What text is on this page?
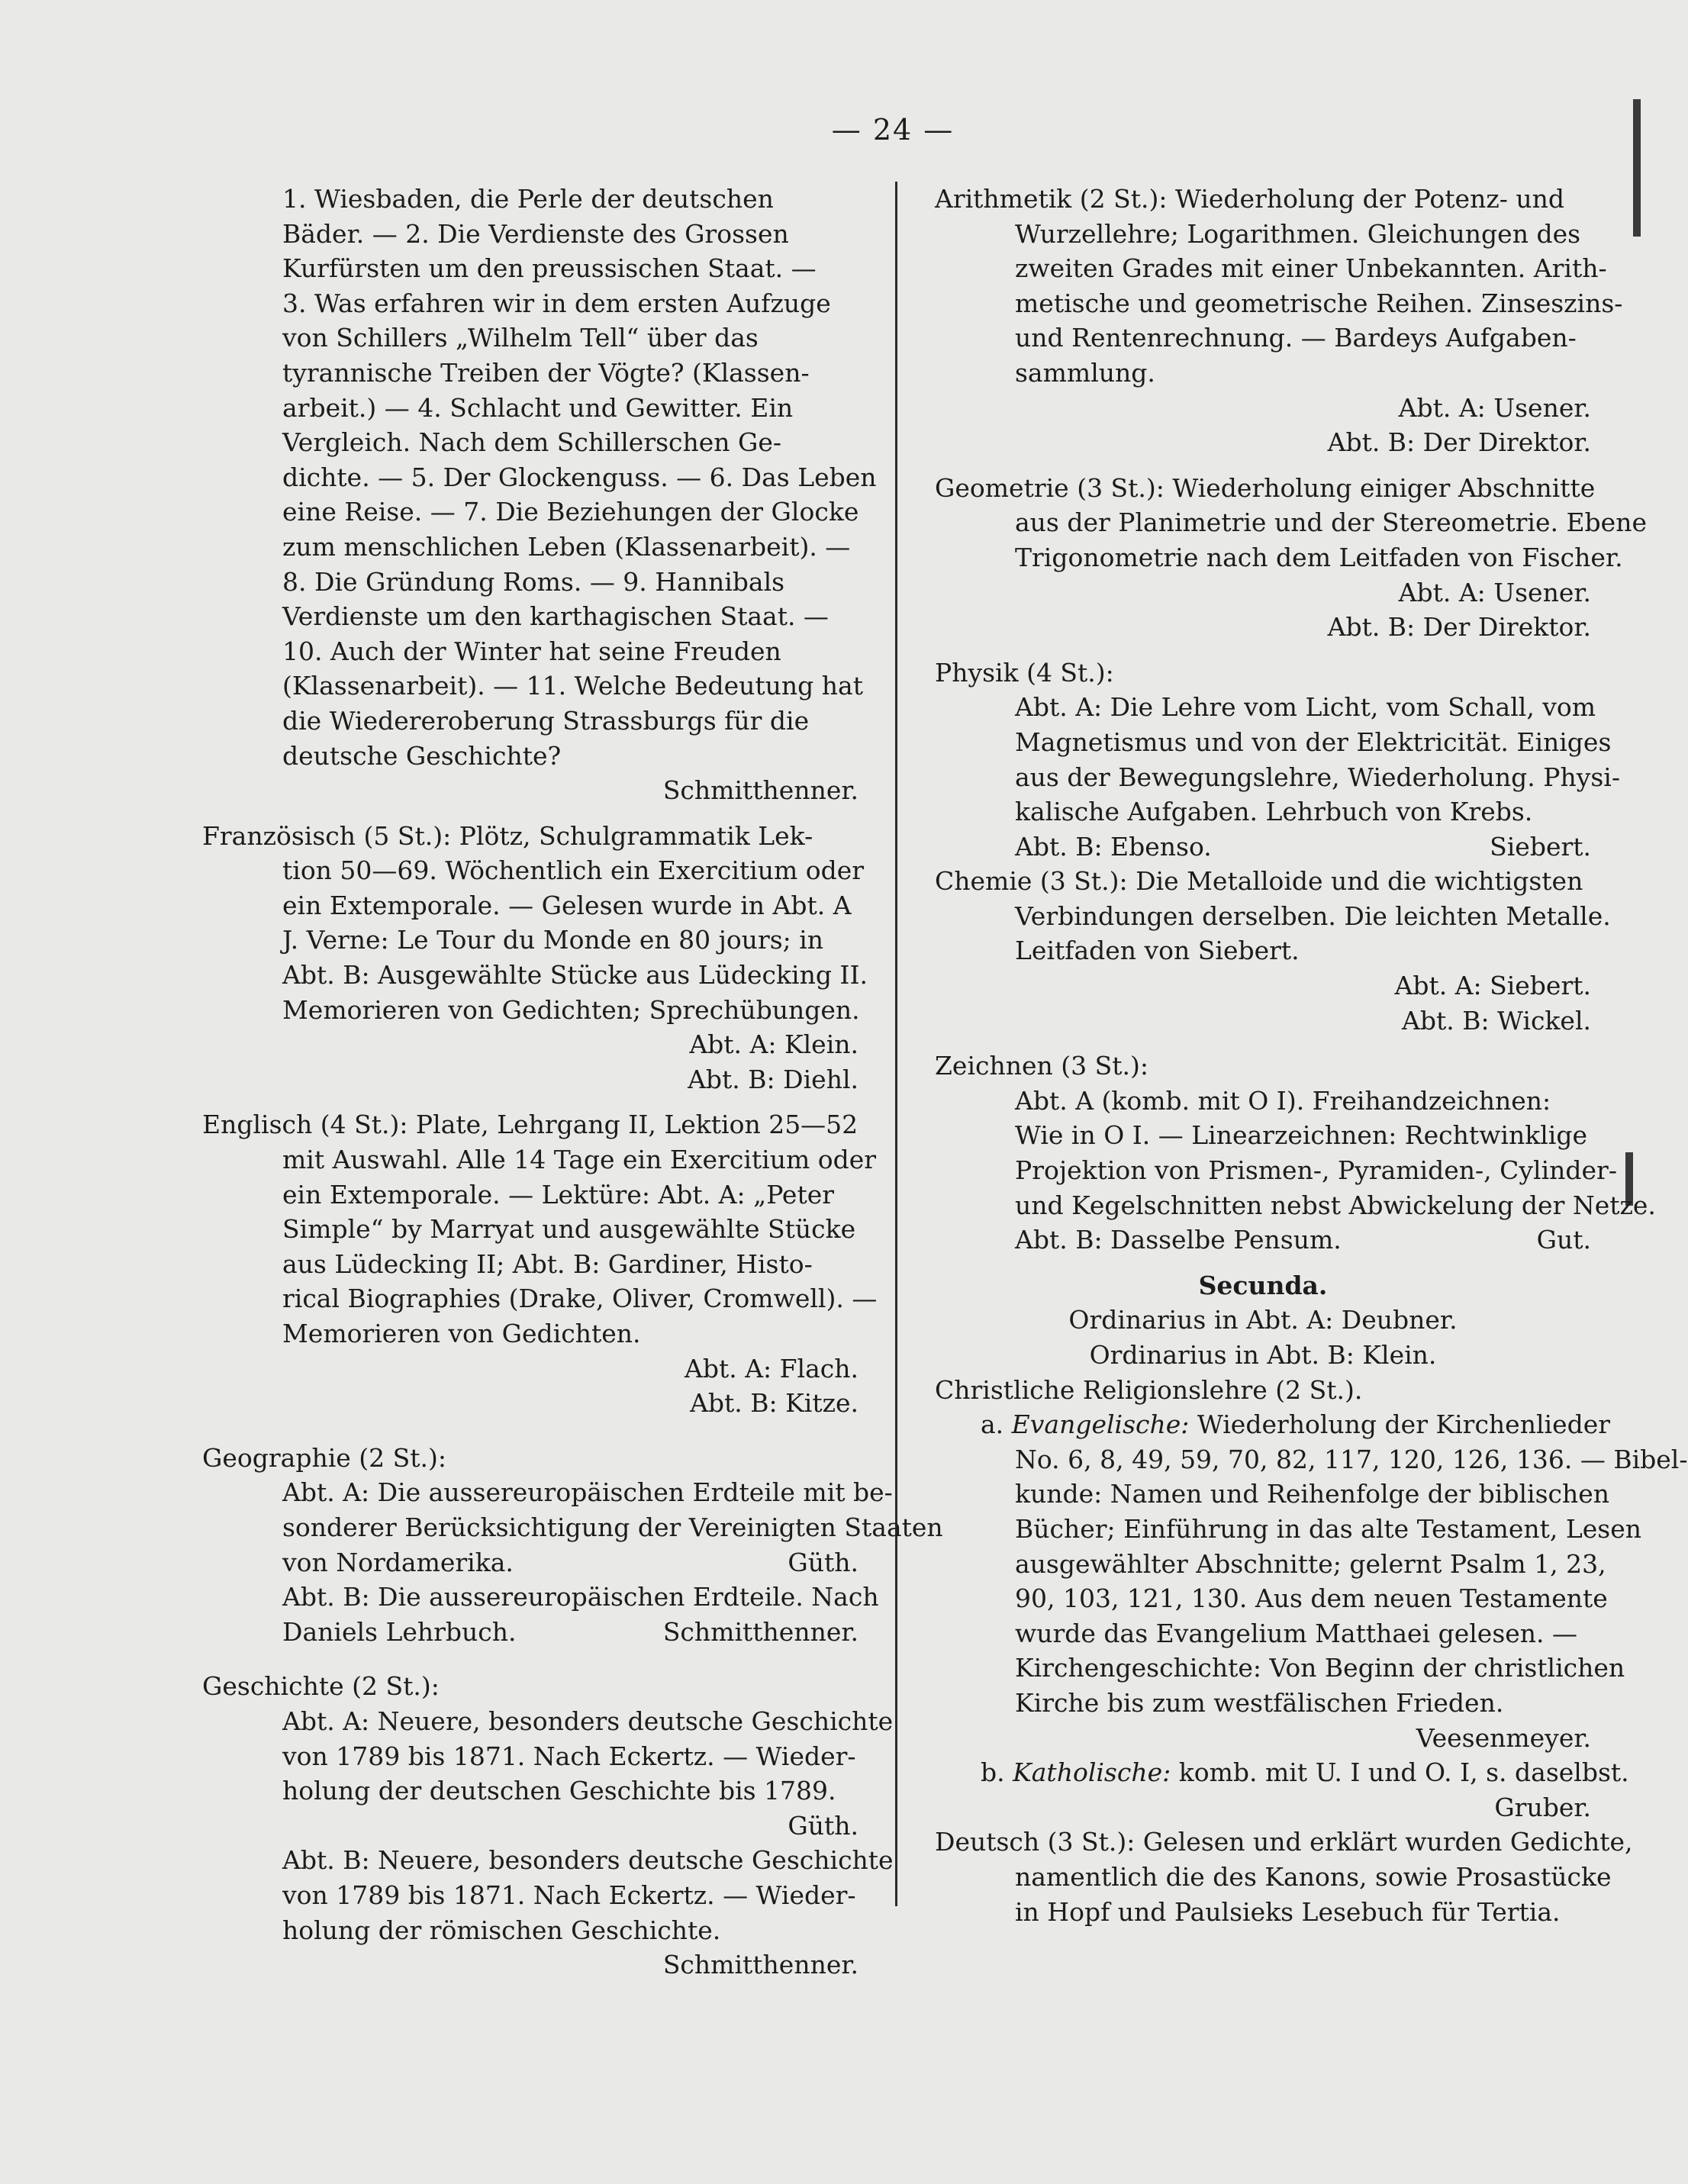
— 24 —
1. Wiesbaden, die Perle der deutschen
Bäder. — 2. Die Verdienste des Grossen
Kurfürsten um den preussischen Staat. —
3. Was erfahren wir in dem ersten Aufzuge
von Schillers „Wilhelm Tell“ über das
tyrannische Treiben der Vögte? (Klassen-
arbeit.) — 4. Schlacht und Gewitter. Ein
Vergleich. Nach dem Schillerschen Ge-
dichte. — 5. Der Glockenguss. — 6. Das Leben
eine Reise. — 7. Die Beziehungen der Glocke
zum menschlichen Leben (Klassenarbeit). —
8. Die Gründung Roms. — 9. Hannibals
Verdienste um den karthagischen Staat. —
10. Auch der Winter hat seine Freuden
(Klassenarbeit). — 11. Welche Bedeutung hat
die Wiedereroberung Strassburgs für die
deutsche Geschichte?
Schmitthenner.
Französisch (5 St.): Plötz, Schulgrammatik Lek-
tion 50—69. Wöchentlich ein Exercitium oder
ein Extemporale. — Gelesen wurde in Abt. A
J. Verne: Le Tour du Monde en 80 jours; in
Abt. B: Ausgewählte Stücke aus Lüdecking II.
Memorieren von Gedichten; Sprechübungen.
Abt. A: Klein.
Abt. B: Diehl.
Englisch (4 St.): Plate, Lehrgang II, Lektion 25—52
mit Auswahl. Alle 14 Tage ein Exercitium oder
ein Extemporale. — Lektüre: Abt. A: „Peter
Simple“ by Marryat und ausgewählte Stücke
aus Lüdecking II; Abt. B: Gardiner, Histo-
rical Biographies (Drake, Oliver, Cromwell). —
Memorieren von Gedichten.
Abt. A: Flach.
Abt. B: Kitze.
Geographie (2 St.):
Abt. A: Die aussereuropäischen Erdteile mit be-
sonderer Berücksichtigung der Vereinigten Staaten
von Nordamerika.	Güth.
Abt. B: Die aussereuropäischen Erdteile. Nach
Daniels Lehrbuch.	Schmitthenner.
Geschichte (2 St.):
Abt. A: Neuere, besonders deutsche Geschichte
von 1789 bis 1871. Nach Eckertz. — Wieder-
holung der deutschen Geschichte bis 1789.
Güth.
Abt. B: Neuere, besonders deutsche Geschichte
von 1789 bis 1871. Nach Eckertz. — Wieder-
holung der römischen Geschichte.
Schmitthenner.
Arithmetik (2 St.): Wiederholung der Potenz- und
Wurzellehre; Logarithmen. Gleichungen des
zweiten Grades mit einer Unbekannten. Arith-
metische und geometrische Reihen. Zinseszins-
und Rentenrechnung. — Bardeys Aufgaben-
sammlung.
Abt. A: Usener.
Abt. B: Der Direktor.
Geometrie (3 St.): Wiederholung einiger Abschnitte
aus der Planimetrie und der Stereometrie. Ebene
Trigonometrie nach dem Leitfaden von Fischer.
Abt. A: Usener.
Abt. B: Der Direktor.
Physik (4 St.):
Abt. A: Die Lehre vom Licht, vom Schall, vom
Magnetismus und von der Elektricität. Einiges
aus der Bewegungslehre, Wiederholung. Physi-
kalische Aufgaben. Lehrbuch von Krebs.
Abt. B: Ebenso.	Siebert.
Chemie (3 St.): Die Metalloide und die wichtigsten
Verbindungen derselben. Die leichten Metalle.
Leitfaden von Siebert.
Abt. A: Siebert.
Abt. B: Wickel.
Zeichnen (3 St.):
Abt. A (komb. mit O I). Freihandzeichnen:
Wie in O I. — Linearzeichnen: Rechtwinklige
Projektion von Prismen-, Pyramiden-, Cylinder-
und Kegelschnitten nebst Abwickelung der Netze.
Abt. B: Dasselbe Pensum.	Gut.
Secunda.
Ordinarius in Abt. A: Deubner.
Ordinarius in Abt. B: Klein.
Christliche Religionslehre (2 St.).
a. Evangelische: Wiederholung der Kirchenlieder
No. 6, 8, 49, 59, 70, 82, 117, 120, 126, 136. — Bibel-
kunde: Namen und Reihenfolge der biblischen
Bücher; Einführung in das alte Testament, Lesen
ausgewählter Abschnitte; gelernt Psalm 1, 23,
90, 103, 121, 130. Aus dem neuen Testamente
wurde das Evangelium Matthaei gelesen. —
Kirchengeschichte: Von Beginn der christlichen
Kirche bis zum westfälischen Frieden.
Veesenmeyer.
b. Katholische: komb. mit U. I und O. I, s. daselbst.
Gruber.
Deutsch (3 St.): Gelesen und erklärt wurden Gedichte,
namentlich die des Kanons, sowie Prosastücke
in Hopf und Paulsieks Lesebuch für Tertia.
